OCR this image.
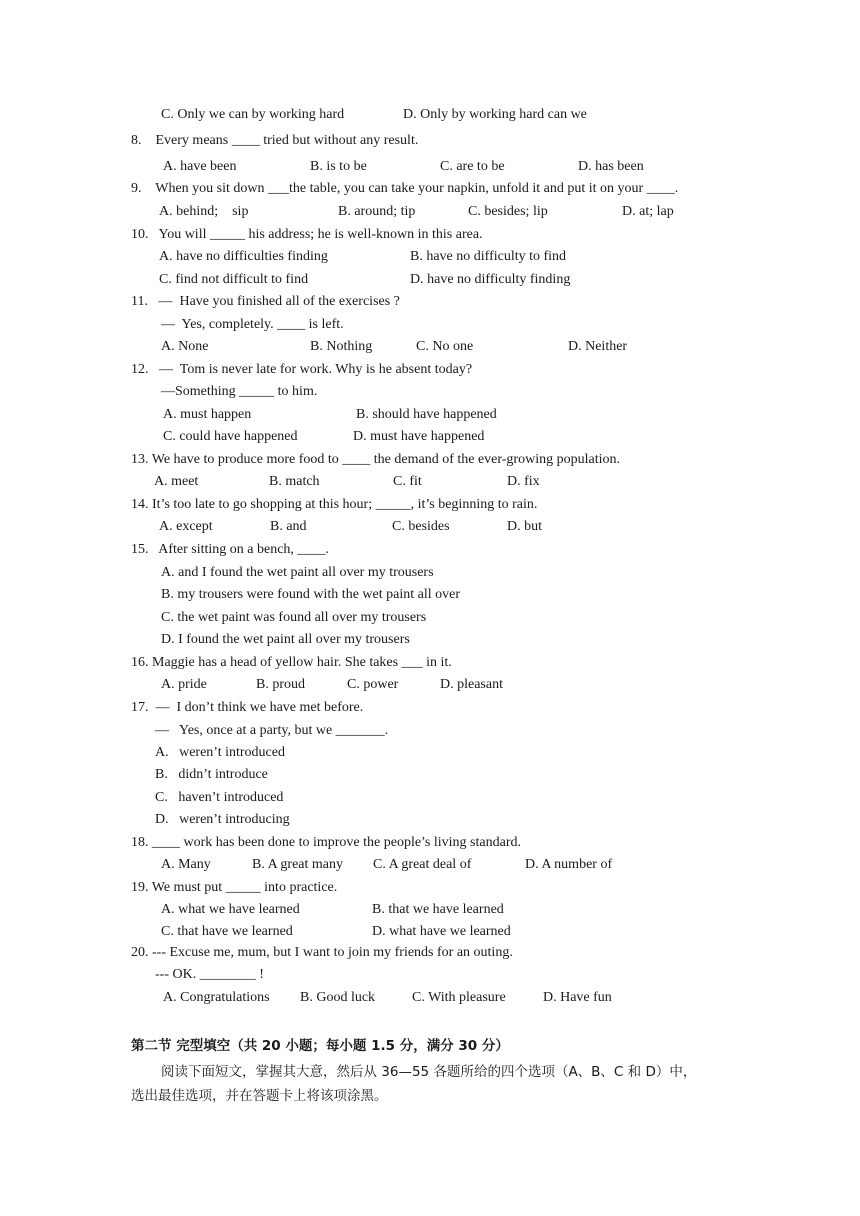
C. Only we can by working hard	D. Only by working hard can we
8.    Every means ____ tried but without any result.
A. have been	B. is to be	C. are to be	D. has been
9.    When you sit down ___the table, you can take your napkin, unfold it and put it on your ____.
A. behind;    sip	B. around; tip	C. besides; lip	D. at; lap
10.   You will _____ his address; he is well-known in this area.
A. have no difficulties finding	B. have no difficulty to find
C. find not difficult to find	D. have no difficulty finding
11.   —  Have you finished all of the exercises ?
—  Yes, completely. ____ is left.
A. None	B. Nothing	C. No one	D. Neither
12.   —  Tom is never late for work. Why is he absent today?
—Something _____ to him.
A. must happen	B. should have happened
C. could have happened	D. must have happened
13. We have to produce more food to ____ the demand of the ever-growing population.
A. meet	B. match	C. fit	D. fix
14. It’s too late to go shopping at this hour; _____, it’s beginning to rain.
A. except	B. and	C. besides	D. but
15.   After sitting on a bench, ____.
A. and I found the wet paint all over my trousers
B. my trousers were found with the wet paint all over
C. the wet paint was found all over my trousers
D. I found the wet paint all over my trousers
16. Maggie has a head of yellow hair. She takes ___ in it.
A. pride	B. proud	C. power	D. pleasant
17.  —  I don’t think we have met before.
—   Yes, once at a party, but we _______.
A.   weren’t introduced
B.   didn’t introduce
C.   haven’t introduced
D.   weren’t introducing
18. ____ work has been done to improve the people’s living standard.
A. Many	B. A great many C. A great deal of	D. A number of
19. We must put _____ into practice.
A. what we have learned	B. that we have learned
C. that have we learned	D. what have we learned
20. --- Excuse me, mum, but I want to join my friends for an outing.
--- OK. ________ !
A. Congratulations B. Good luck	C. With pleasure	D. Have fun
第二节 完型填空（共 20 小题；每小题 1.5 分，满分 30 分）
阅读下面短文，掌握其大意，然后从 36—55 各题所给的四个选项（A、B、C 和 D）中，
选出最佳选项，并在答题卡上将该项涂黑。
